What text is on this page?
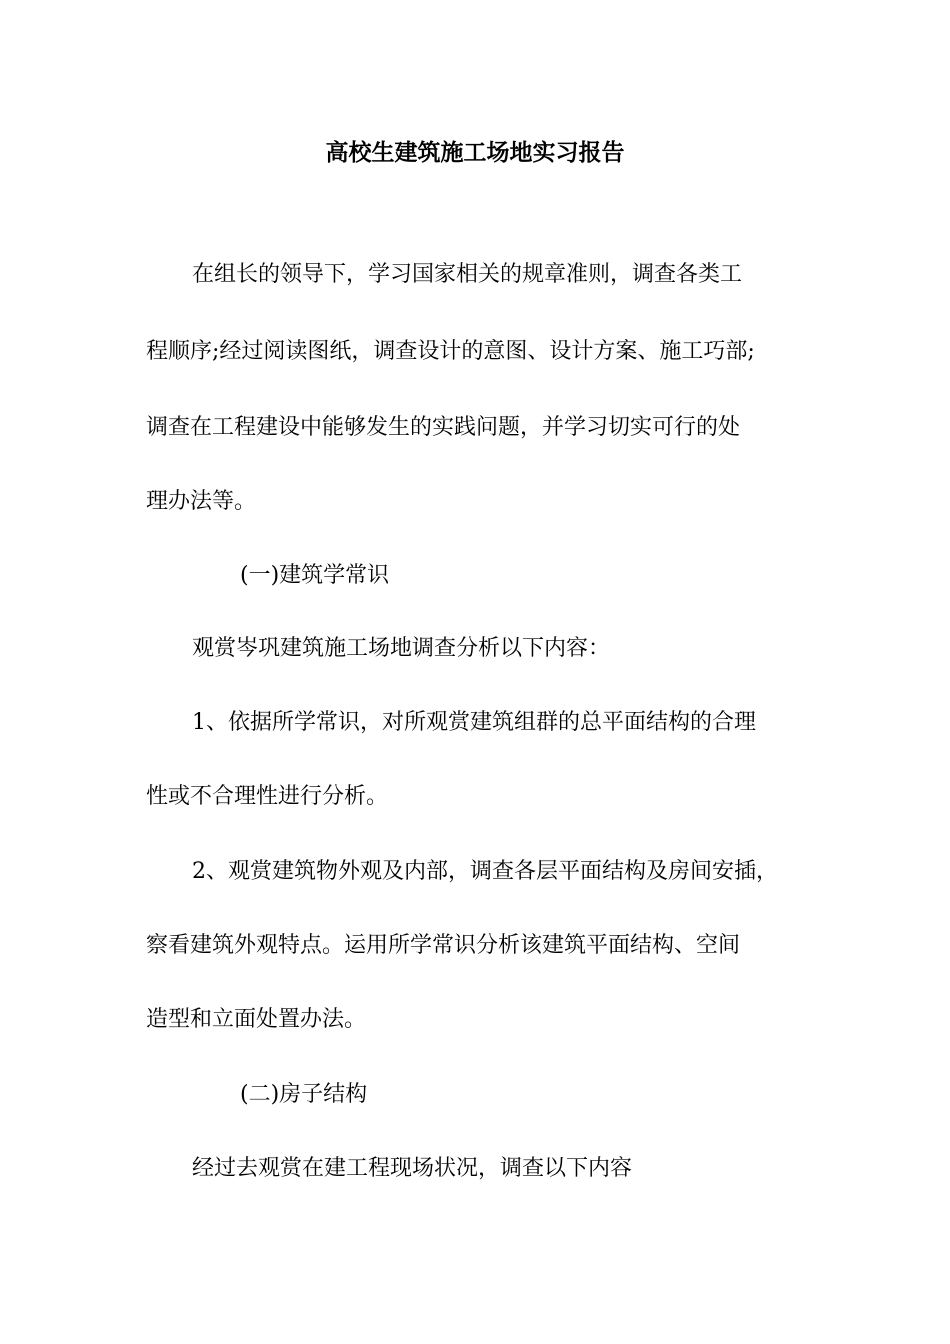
高校生建筑施工场地实习报告

在组长的领导下，学习国家相关的规章准则，调查各类工

程顺序;经过阅读图纸，调查设计的意图、设计方案、施工巧部;

调查在工程建设中能够发生的实践问题，并学习切实可行的处

理办法等。

(一)建筑学常识

观赏岑巩建筑施工场地调查分析以下内容：

1、依据所学常识，对所观赏建筑组群的总平面结构的合理

性或不合理性进行分析。

2、观赏建筑物外观及内部，调查各层平面结构及房间安插，

察看建筑外观特点。运用所学常识分析该建筑平面结构、空间

造型和立面处置办法。

(二)房子结构

经过去观赏在建工程现场状况，调查以下内容
